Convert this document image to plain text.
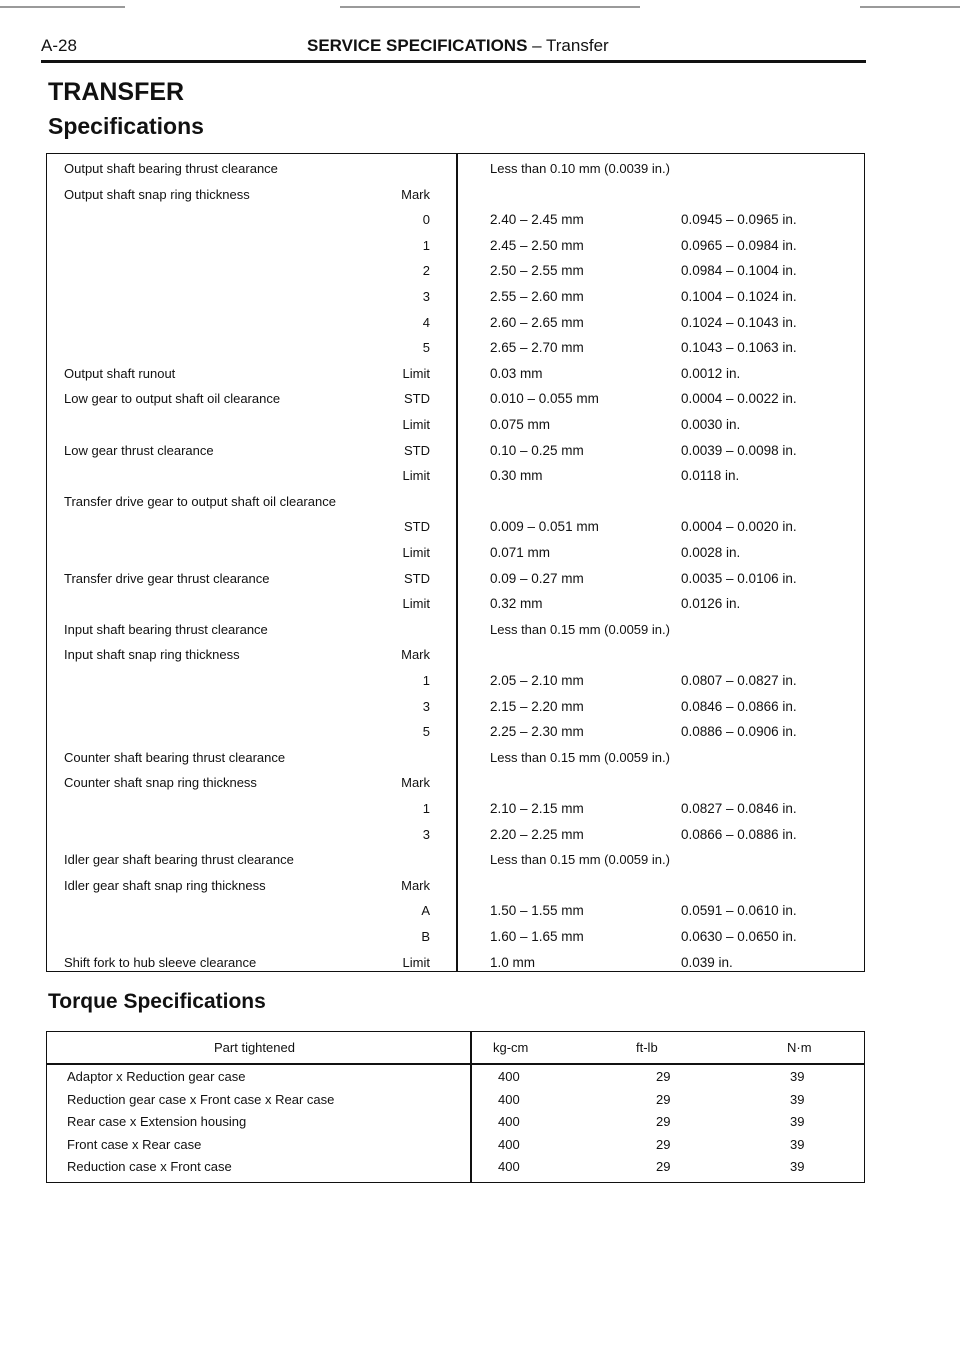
A-28	SERVICE SPECIFICATIONS – Transfer
TRANSFER
Specifications
Output shaft bearing thrust clearance	Less than 0.10 mm (0.0039 in.)
Output shaft snap ring thickness	Mark
0	2.40 – 2.45 mm	0.0945 – 0.0965 in.
1	2.45 – 2.50 mm	0.0965 – 0.0984 in.
2	2.50 – 2.55 mm	0.0984 – 0.1004 in.
3	2.55 – 2.60 mm	0.1004 – 0.1024 in.
4	2.60 – 2.65 mm	0.1024 – 0.1043 in.
5	2.65 – 2.70 mm	0.1043 – 0.1063 in.
Output shaft runout	Limit	0.03 mm	0.0012 in.
Low gear to output shaft oil clearance	STD	0.010 – 0.055 mm	0.0004 – 0.0022 in.
Limit	0.075 mm	0.0030 in.
Low gear thrust clearance	STD	0.10 – 0.25 mm	0.0039 – 0.0098 in.
Limit	0.30 mm	0.0118 in.
Transfer drive gear to output shaft oil clearance
STD	0.009 – 0.051 mm	0.0004 – 0.0020 in.
Limit	0.071 mm	0.0028 in.
Transfer drive gear thrust clearance	STD	0.09 – 0.27 mm	0.0035 – 0.0106 in.
Limit	0.32 mm	0.0126 in.
Input shaft bearing thrust clearance	Less than 0.15 mm (0.0059 in.)
Input shaft snap ring thickness	Mark
1	2.05 – 2.10 mm	0.0807 – 0.0827 in.
3	2.15 – 2.20 mm	0.0846 – 0.0866 in.
5	2.25 – 2.30 mm	0.0886 – 0.0906 in.
Counter shaft bearing thrust clearance	Less than 0.15 mm (0.0059 in.)
Counter shaft snap ring thickness	Mark
1	2.10 – 2.15 mm	0.0827 – 0.0846 in.
3	2.20 – 2.25 mm	0.0866 – 0.0886 in.
Idler gear shaft bearing thrust clearance	Less than 0.15 mm (0.0059 in.)
Idler gear shaft snap ring thickness	Mark
A	1.50 – 1.55 mm	0.0591 – 0.0610 in.
B	1.60 – 1.65 mm	0.0630 – 0.0650 in.
Shift fork to hub sleeve clearance	Limit	1.0 mm	0.039 in.
Torque Specifications
Part tightened	kg-cm	ft-lb	N·m
Adaptor x Reduction gear case	400	29	39
Reduction gear case x Front case x Rear case	400	29	39
Rear case x Extension housing	400	29	39
Front case x Rear case	400	29	39
Reduction case x Front case	400	29	39
